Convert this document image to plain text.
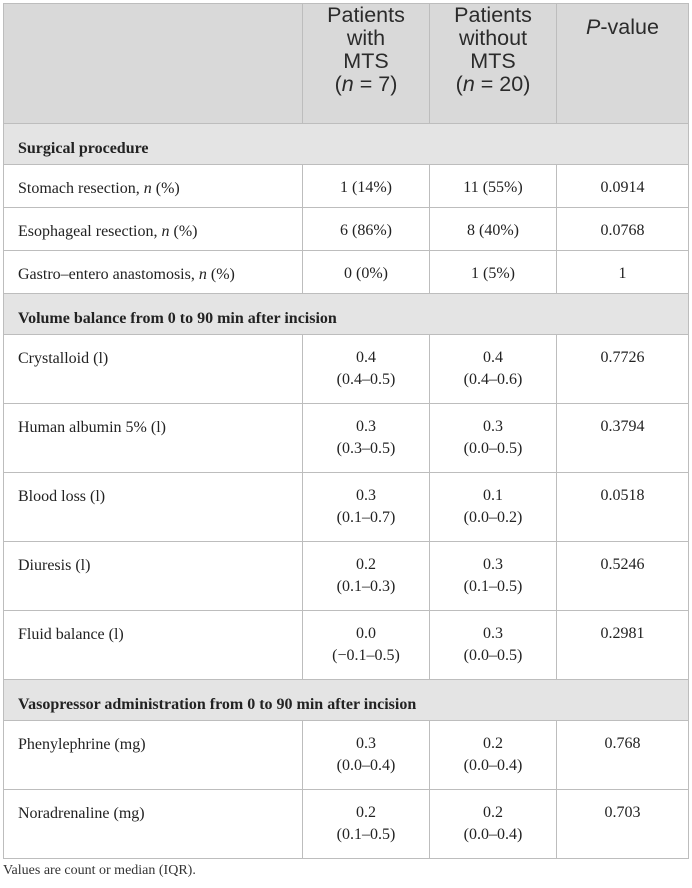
	Patients
with
MTS
(n = 7)	Patients
without
MTS
(n = 20)	P-value
Surgical procedure			
Stomach resection, n (%)	1 (14%)	11 (55%)	0.0914
Esophageal resection, n (%)	6 (86%)	8 (40%)	0.0768
Gastro–entero anastomosis, n (%)	0 (0%)	1 (5%)	1
Volume balance from 0 to 90 min after incision			
Crystalloid (l)	0.4
(0.4–0.5)	0.4
(0.4–0.6)	0.7726
Human albumin 5% (l)	0.3
(0.3–0.5)	0.3
(0.0–0.5)	0.3794
Blood loss (l)	0.3
(0.1–0.7)	0.1
(0.0–0.2)	0.0518
Diuresis (l)	0.2
(0.1–0.3)	0.3
(0.1–0.5)	0.5246
Fluid balance (l)	0.0
(−0.1–0.5)	0.3
(0.0–0.5)	0.2981
Vasopressor administration from 0 to 90 min after incision			
Phenylephrine (mg)	0.3
(0.0–0.4)	0.2
(0.0–0.4)	0.768
Noradrenaline (mg)	0.2
(0.1–0.5)	0.2
(0.0–0.4)	0.703
Values are count or median (IQR).
